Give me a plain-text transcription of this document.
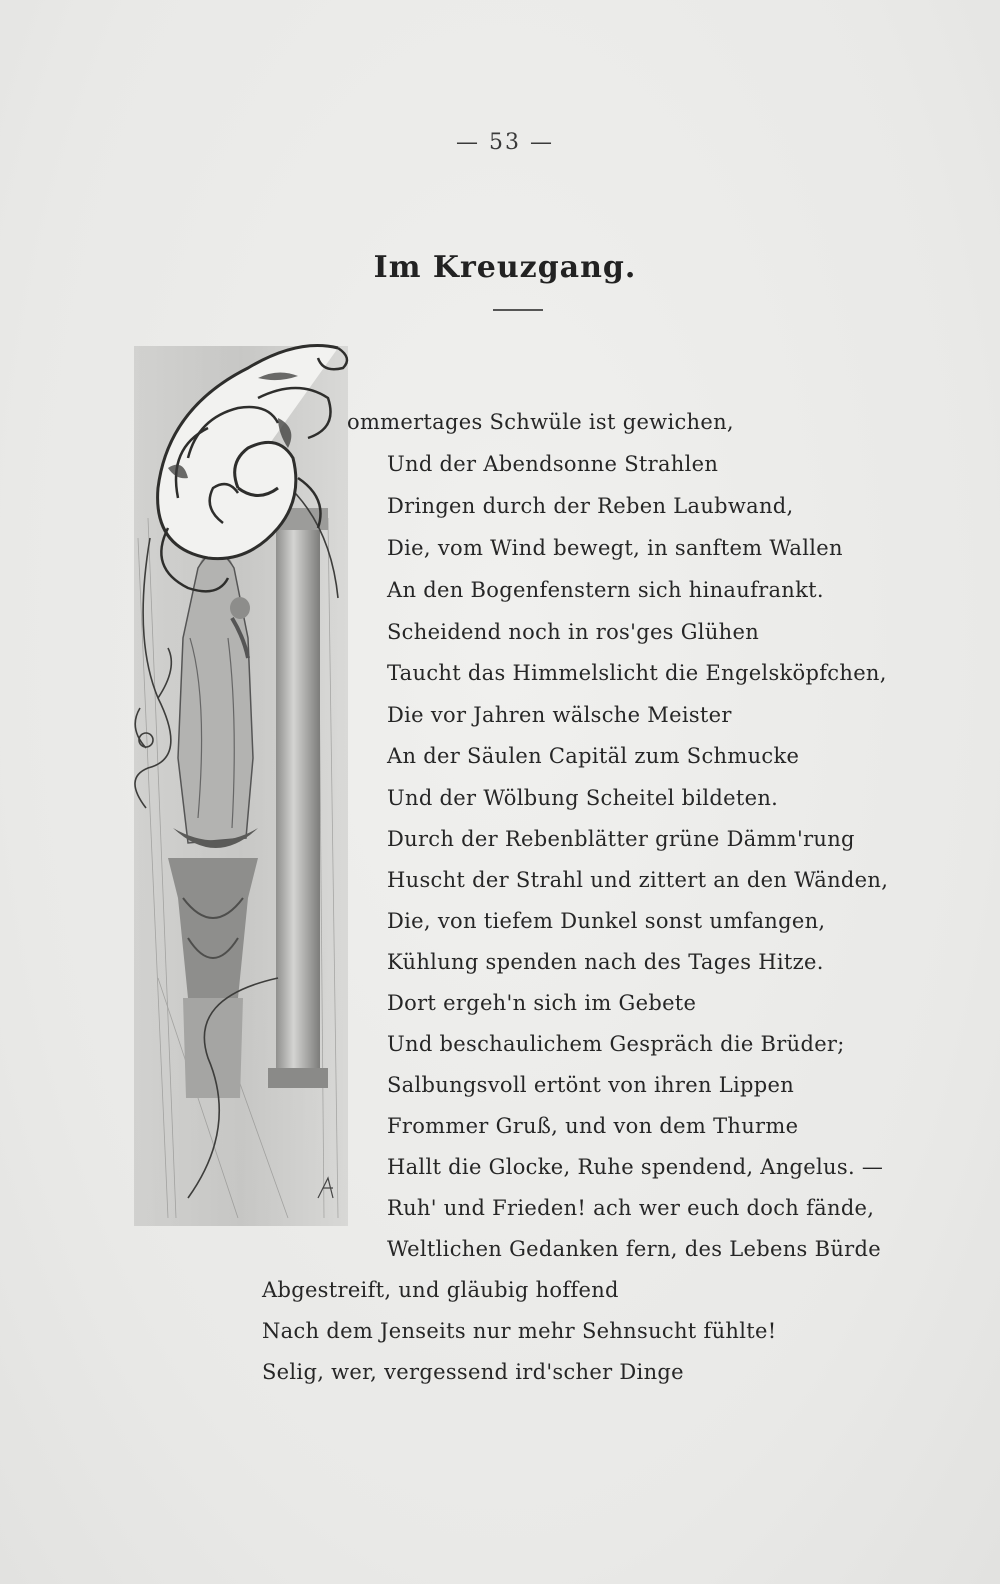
— 53 —
Im Kreuzgang.
ommertages Schwüle ist gewichen,
Und der Abendsonne Strahlen
Dringen durch der Reben Laubwand,
Die, vom Wind bewegt, in sanftem Wallen
An den Bogenfenstern sich hinaufrankt.
Scheidend noch in ros'ges Glühen
Taucht das Himmelslicht die Engelsköpfchen,
Die vor Jahren wälsche Meister
An der Säulen Capitäl zum Schmucke
Und der Wölbung Scheitel bildeten.
Durch der Rebenblätter grüne Dämm'rung
Huscht der Strahl und zittert an den Wänden,
Die, von tiefem Dunkel sonst umfangen,
Kühlung spenden nach des Tages Hitze.
Dort ergeh'n sich im Gebete
Und beschaulichem Gespräch die Brüder;
Salbungsvoll ertönt von ihren Lippen
Frommer Gruß, und von dem Thurme
Hallt die Glocke, Ruhe spendend, Angelus. —
Ruh' und Frieden! ach wer euch doch fände,
Weltlichen Gedanken fern, des Lebens Bürde
Abgestreift, und gläubig hoffend
Nach dem Jenseits nur mehr Sehnsucht fühlte!
Selig, wer, vergessend ird'scher Dinge
